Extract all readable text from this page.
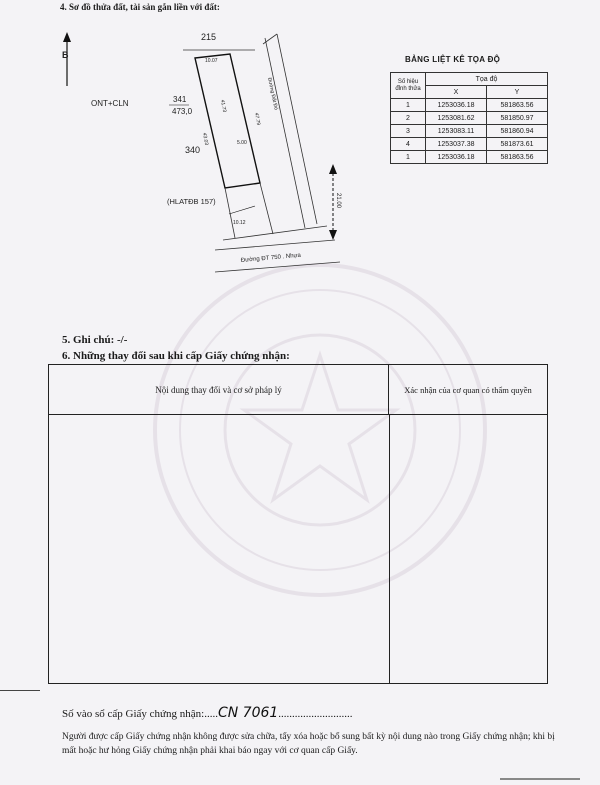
4. Sơ đồ thửa đất, tài sản gắn liền với đất:
B
215
ONT+CLN	341
473,0
340
(HLATĐB 157)
10.07
10.12
43.03
41.73
5.00
47.79
Đường Đất Đỏ
21.00
Đường ĐT 750 . Nhựa
BẢNG LIỆT KÊ TỌA ĐỘ
Số hiệu đỉnh thửa	Tọa độ	
	X	Y
1	1253036.18	581863.56
2	1253081.62	581850.97
3	1253083.11	581860.94
4	1253037.38	581873.61
1	1253036.18	581863.56
5. Ghi chú: -/-
6. Những thay đổi sau khi cấp Giấy chứng nhận:
Nội dung thay đổi và cơ sở pháp lý	Xác nhận của cơ quan có thẩm quyền
Số vào sổ cấp Giấy chứng nhận:.....CN 7061...........................
Người được cấp Giấy chứng nhận không được sửa chữa, tẩy xóa hoặc bổ sung bất kỳ nội dung nào trong Giấy chứng nhận; khi bị mất hoặc hư hỏng Giấy chứng nhận phải khai báo ngay với cơ quan cấp Giấy.
